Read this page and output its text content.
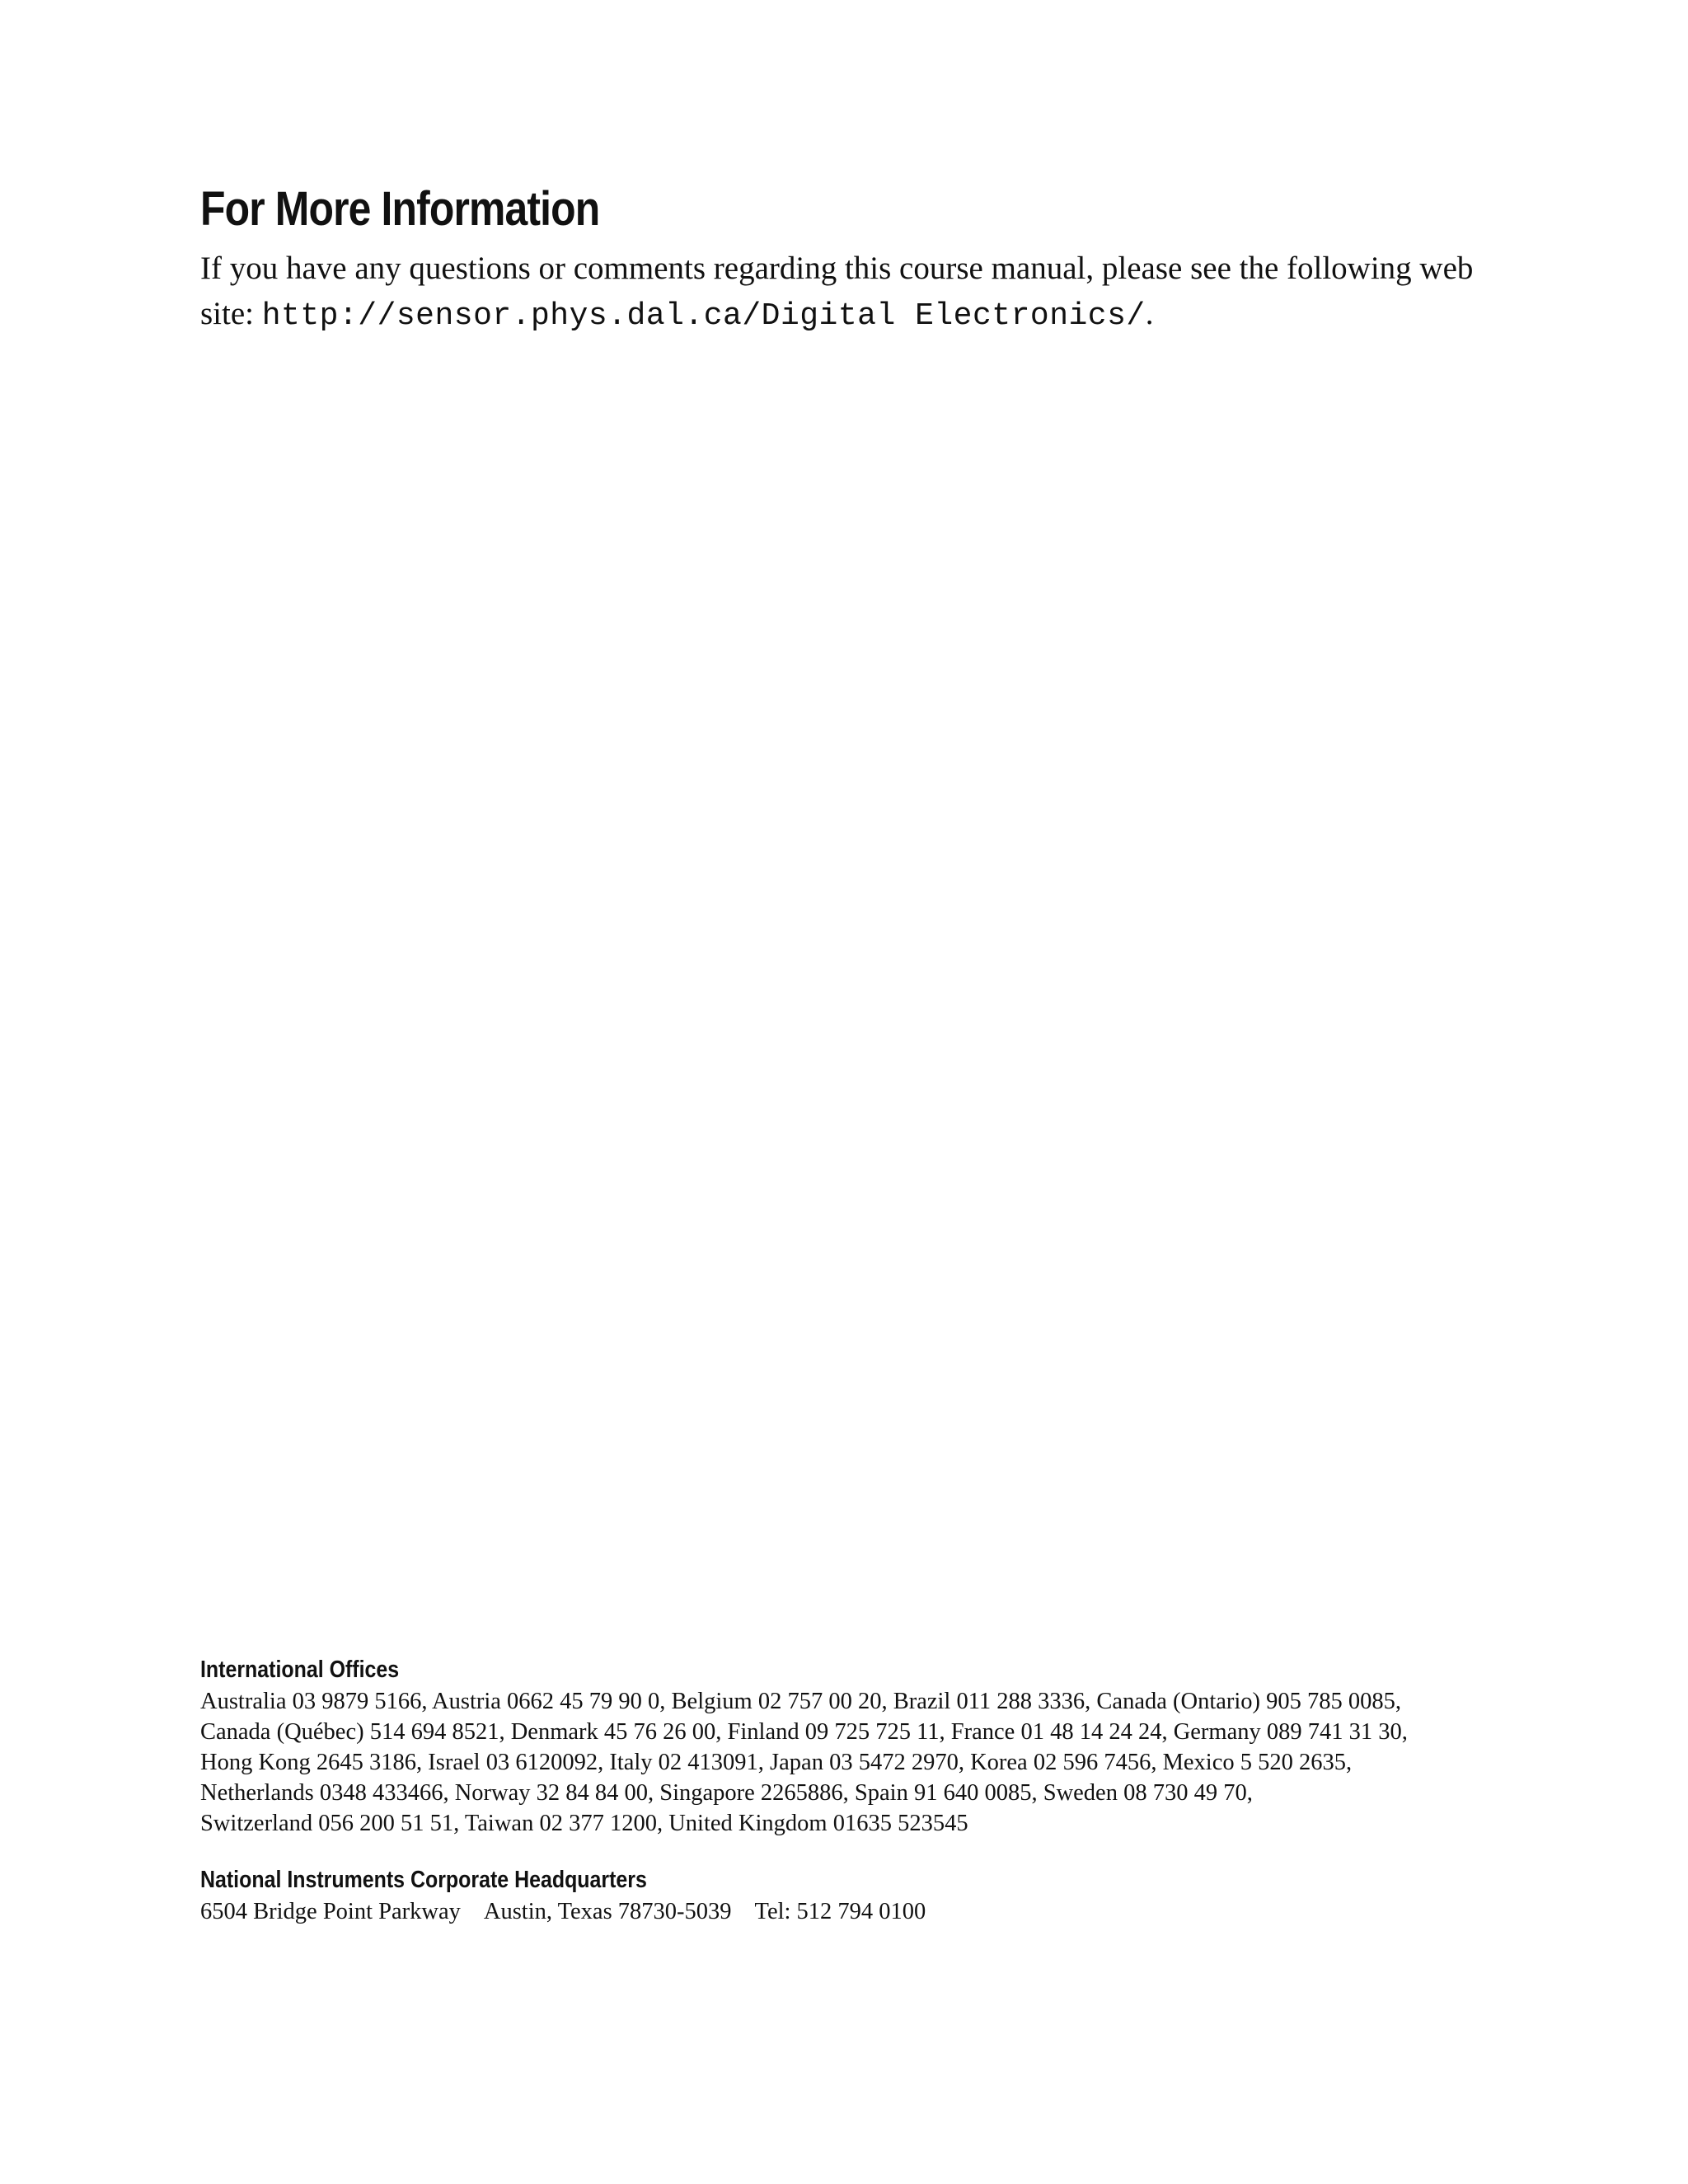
For More Information

If you have any questions or comments regarding this course manual, please see the following web site: http://sensor.phys.dal.ca/Digital Electronics/.

International Offices

Australia 03 9879 5166, Austria 0662 45 79 90 0, Belgium 02 757 00 20, Brazil 011 288 3336, Canada (Ontario) 905 785 0085,
Canada (Québec) 514 694 8521, Denmark 45 76 26 00, Finland 09 725 725 11, France 01 48 14 24 24, Germany 089 741 31 30,
Hong Kong 2645 3186, Israel 03 6120092, Italy 02 413091, Japan 03 5472 2970, Korea 02 596 7456, Mexico 5 520 2635,
Netherlands 0348 433466, Norway 32 84 84 00, Singapore 2265886, Spain 91 640 0085, Sweden 08 730 49 70,
Switzerland 056 200 51 51, Taiwan 02 377 1200, United Kingdom 01635 523545

National Instruments Corporate Headquarters

6504 Bridge Point Parkway Austin, Texas 78730-5039 Tel: 512 794 0100
